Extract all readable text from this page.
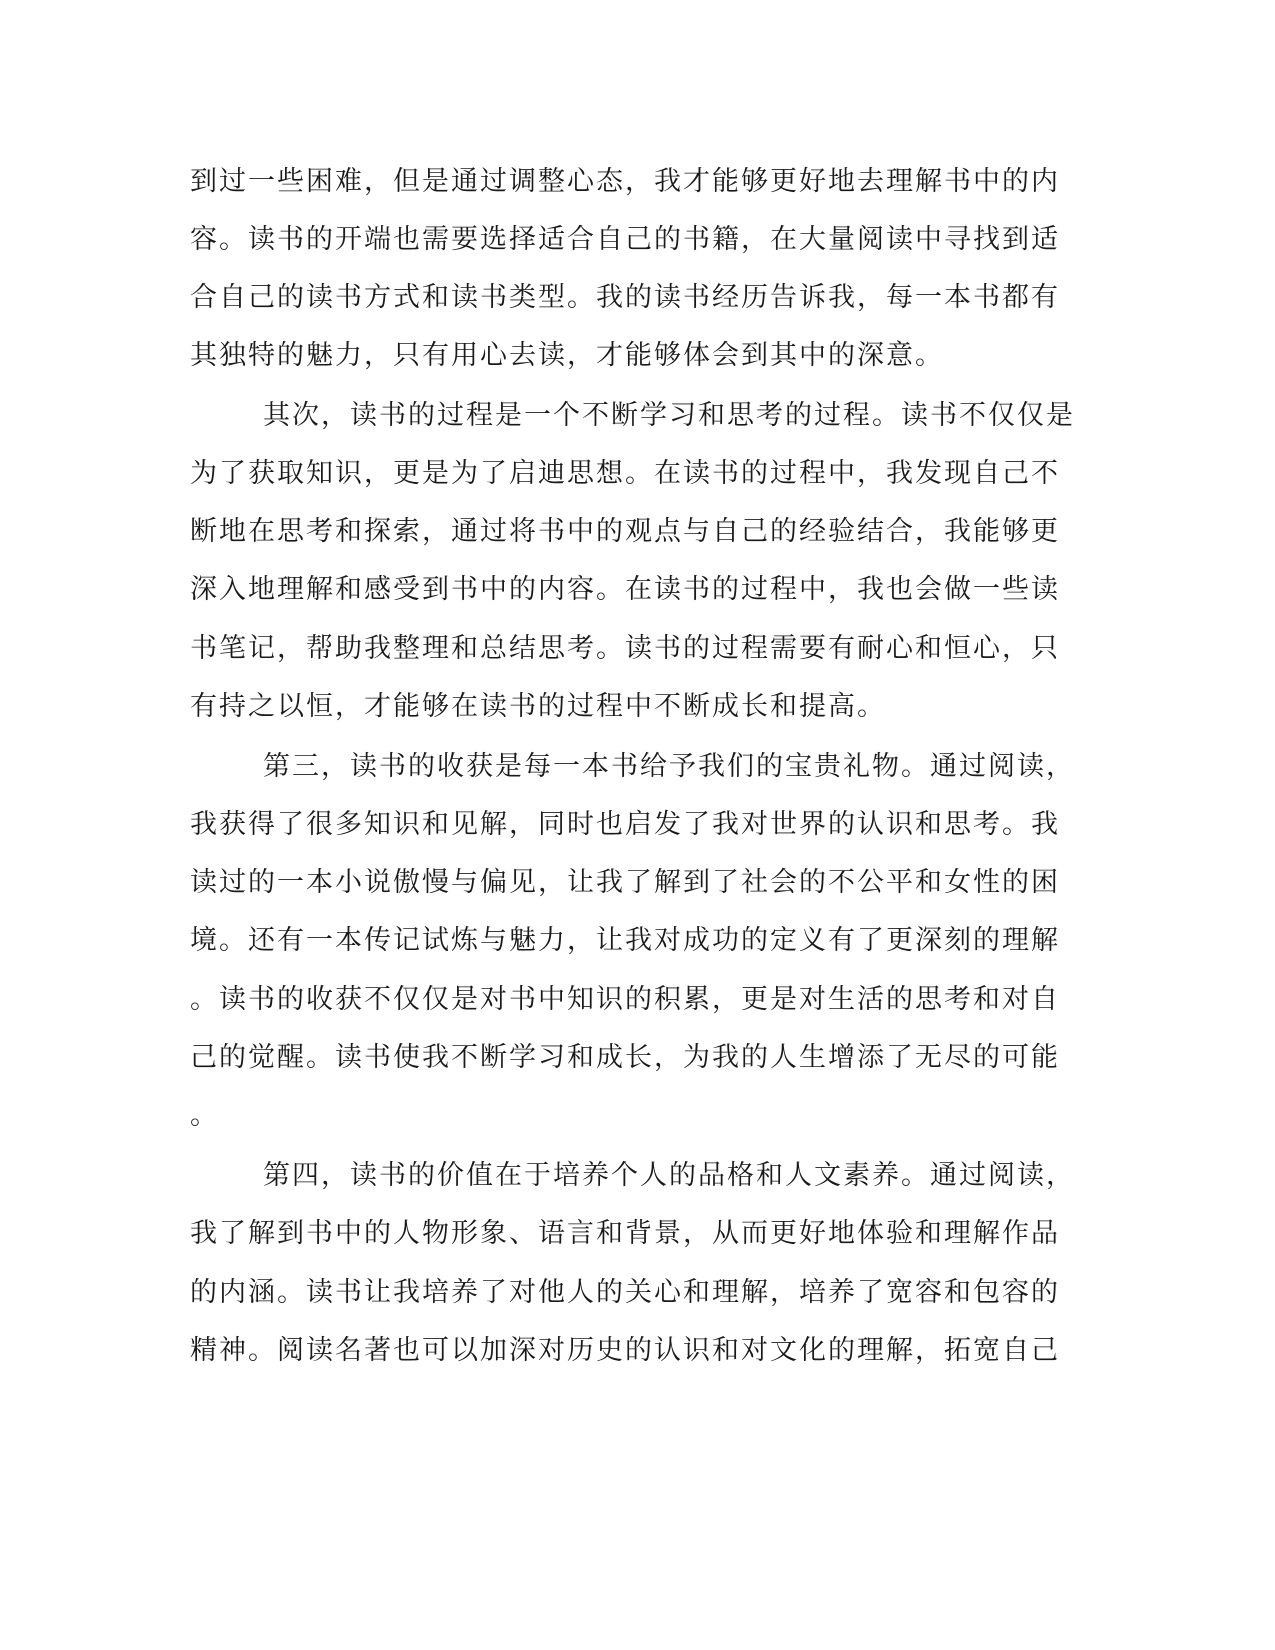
到过一些困难，但是通过调整心态，我才能够更好地去理解书中的内
容。读书的开端也需要选择适合自己的书籍，在大量阅读中寻找到适
合自己的读书方式和读书类型。我的读书经历告诉我，每一本书都有
其独特的魅力，只有用心去读，才能够体会到其中的深意。
其次，读书的过程是一个不断学习和思考的过程。读书不仅仅是
为了获取知识，更是为了启迪思想。在读书的过程中，我发现自己不
断地在思考和探索，通过将书中的观点与自己的经验结合，我能够更
深入地理解和感受到书中的内容。在读书的过程中，我也会做一些读
书笔记，帮助我整理和总结思考。读书的过程需要有耐心和恒心，只
有持之以恒，才能够在读书的过程中不断成长和提高。
第三，读书的收获是每一本书给予我们的宝贵礼物。通过阅读，
我获得了很多知识和见解，同时也启发了我对世界的认识和思考。我
读过的一本小说傲慢与偏见，让我了解到了社会的不公平和女性的困
境。还有一本传记试炼与魅力，让我对成功的定义有了更深刻的理解
。读书的收获不仅仅是对书中知识的积累，更是对生活的思考和对自
己的觉醒。读书使我不断学习和成长，为我的人生增添了无尽的可能
。
第四，读书的价值在于培养个人的品格和人文素养。通过阅读，
我了解到书中的人物形象、语言和背景，从而更好地体验和理解作品
的内涵。读书让我培养了对他人的关心和理解，培养了宽容和包容的
精神。阅读名著也可以加深对历史的认识和对文化的理解，拓宽自己
